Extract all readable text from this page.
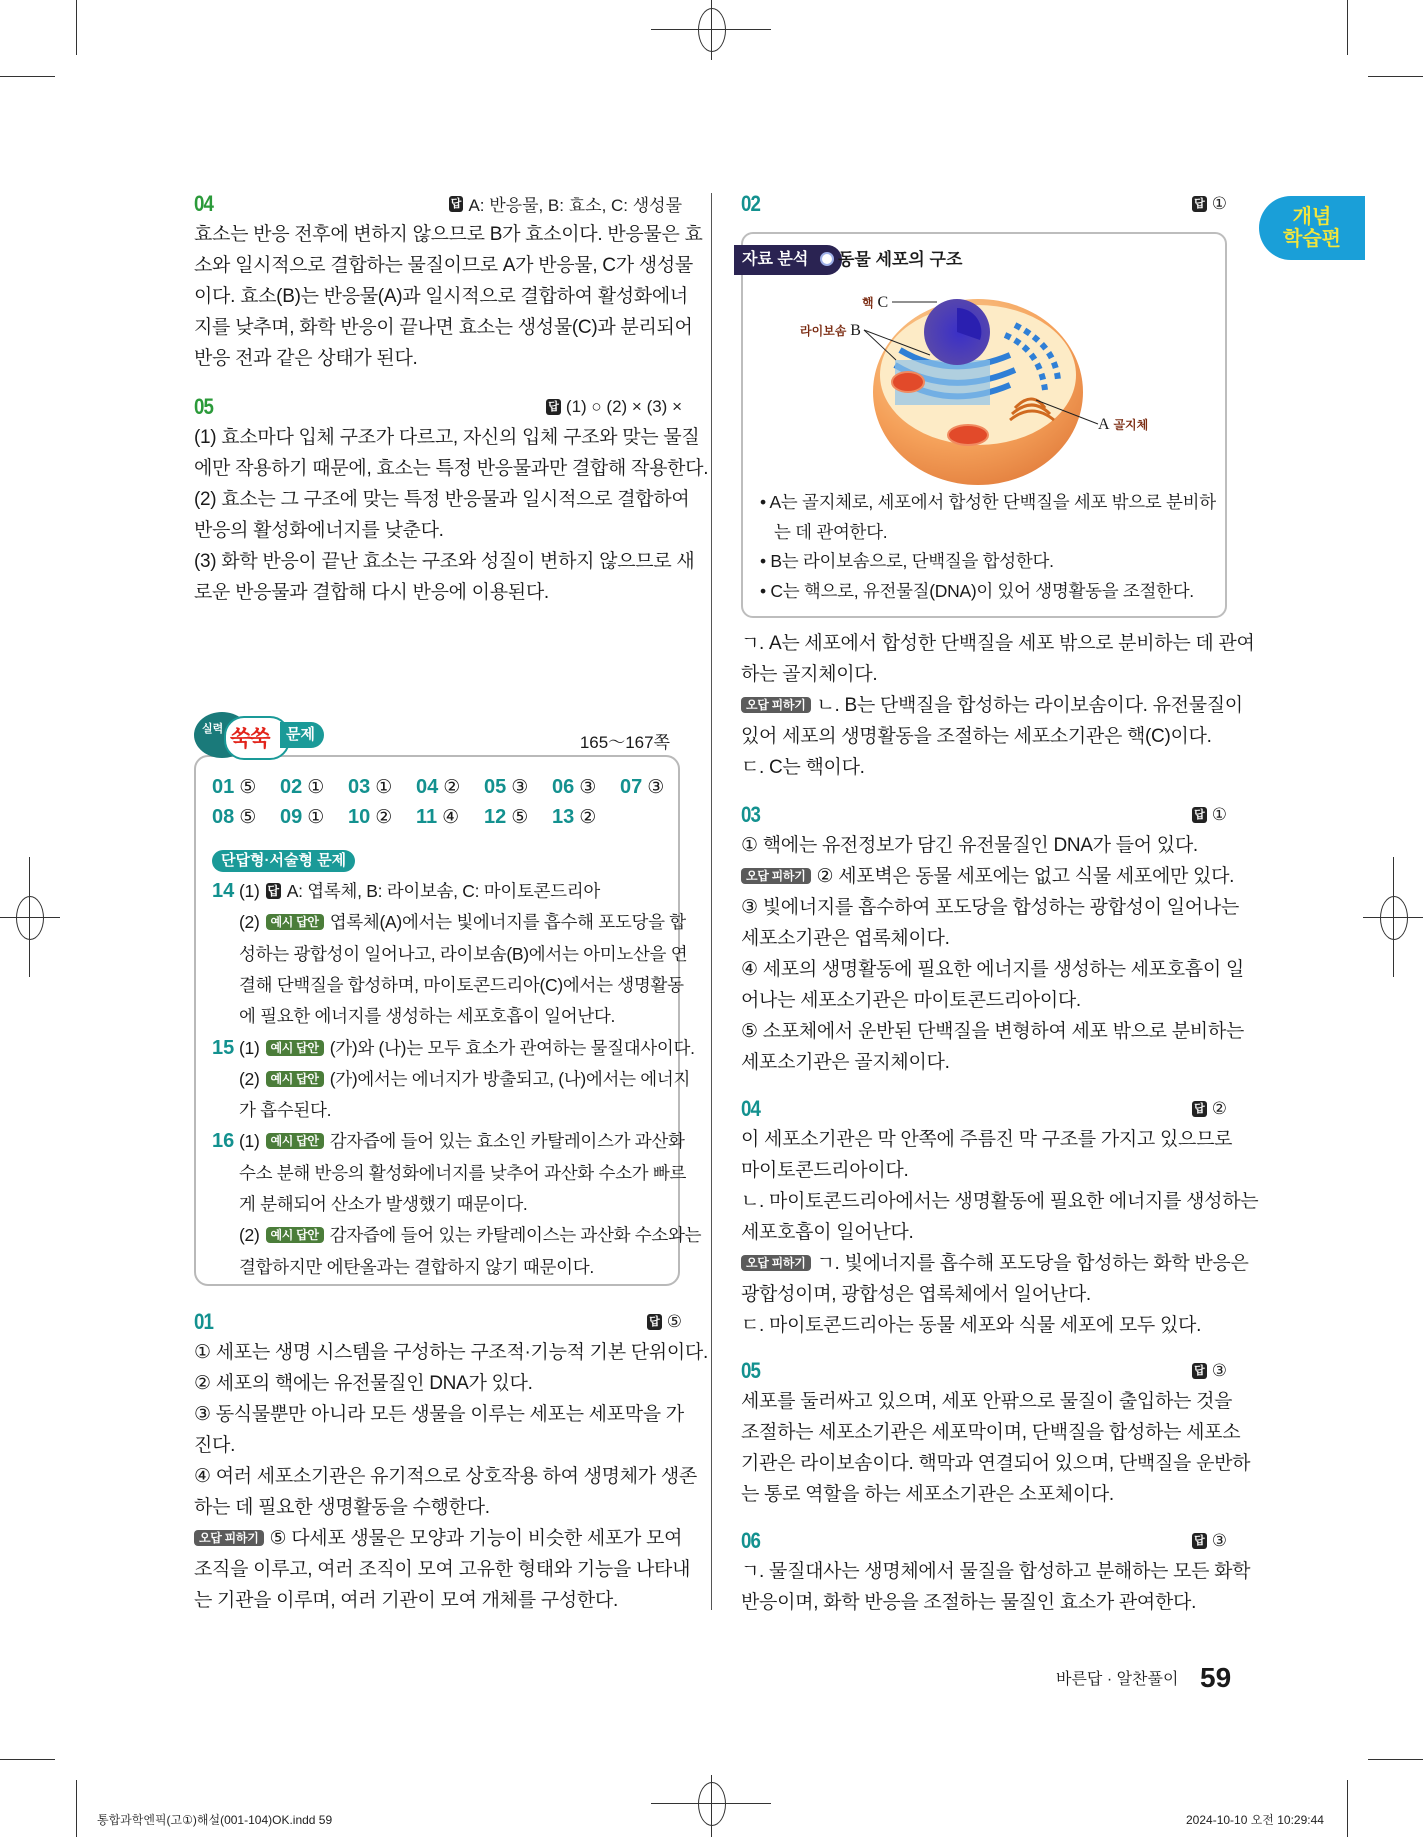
개념
학습편
04	답 A: 반응물, B: 효소, C: 생성물
효소는 반응 전후에 변하지 않으므로 B가 효소이다. 반응물은 효
소와 일시적으로 결합하는 물질이므로 A가 반응물, C가 생성물
이다. 효소(B)는 반응물(A)과 일시적으로 결합하여 활성화에너
지를 낮추며, 화학 반응이 끝나면 효소는 생성물(C)과 분리되어
반응 전과 같은 상태가 된다.
05	답 (1) ○ (2) × (3) ×
(1) 효소마다 입체 구조가 다르고, 자신의 입체 구조와 맞는 물질
에만 작용하기 때문에, 효소는 특정 반응물과만 결합해 작용한다.
(2) 효소는 그 구조에 맞는 특정 반응물과 일시적으로 결합하여
반응의 활성화에너지를 낮춘다.
(3) 화학 반응이 끝난 효소는 구조와 성질이 변하지 않으므로 새
로운 반응물과 결합해 다시 반응에 이용된다.
문제
실력 쑥쑥	165～167쪽
01 ⑤	02 ①	03 ①	04 ②	05 ③	06 ③	07 ③
08 ⑤	09 ①	10 ②	11 ④	12 ⑤	13 ②
단답형·서술형 문제
14 (1) 답 A: 엽록체, B: 라이보솜, C: 마이토콘드리아
(2) 예시 답안 엽록체(A)에서는 빛에너지를 흡수해 포도당을 합
성하는 광합성이 일어나고, 라이보솜(B)에서는 아미노산을 연
결해 단백질을 합성하며, 마이토콘드리아(C)에서는 생명활동
에 필요한 에너지를 생성하는 세포호흡이 일어난다.
15 (1) 예시 답안 (가)와 (나)는 모두 효소가 관여하는 물질대사이다.
(2) 예시 답안 (가)에서는 에너지가 방출되고, (나)에서는 에너지
가 흡수된다.
16 (1) 예시 답안 감자즙에 들어 있는 효소인 카탈레이스가 과산화
수소 분해 반응의 활성화에너지를 낮추어 과산화 수소가 빠르
게 분해되어 산소가 발생했기 때문이다.
(2) 예시 답안 감자즙에 들어 있는 카탈레이스는 과산화 수소와는
결합하지만 에탄올과는 결합하지 않기 때문이다.
01	답 ⑤
① 세포는 생명 시스템을 구성하는 구조적·기능적 기본 단위이다.
② 세포의 핵에는 유전물질인 DNA가 있다.
③ 동식물뿐만 아니라 모든 생물을 이루는 세포는 세포막을 가
진다.
④ 여러 세포소기관은 유기적으로 상호작용 하여 생명체가 생존
하는 데 필요한 생명활동을 수행한다.
오답 피하기 ⑤ 다세포 생물은 모양과 기능이 비슷한 세포가 모여
조직을 이루고, 여러 조직이 모여 고유한 형태와 기능을 나타내
는 기관을 이루며, 여러 기관이 모여 개체를 구성한다.
02	답 ①
자료 분석	동물 세포의 구조
핵 C
라이보솜 B
A 골지체
• A는 골지체로, 세포에서 합성한 단백질을 세포 밖으로 분비하
는 데 관여한다.
• B는 라이보솜으로, 단백질을 합성한다.
• C는 핵으로, 유전물질(DNA)이 있어 생명활동을 조절한다.
ㄱ. A는 세포에서 합성한 단백질을 세포 밖으로 분비하는 데 관여
하는 골지체이다.
오답 피하기 ㄴ. B는 단백질을 합성하는 라이보솜이다. 유전물질이
있어 세포의 생명활동을 조절하는 세포소기관은 핵(C)이다.
ㄷ. C는 핵이다.
03	답 ①
① 핵에는 유전정보가 담긴 유전물질인 DNA가 들어 있다.
오답 피하기 ② 세포벽은 동물 세포에는 없고 식물 세포에만 있다.
③ 빛에너지를 흡수하여 포도당을 합성하는 광합성이 일어나는
세포소기관은 엽록체이다.
④ 세포의 생명활동에 필요한 에너지를 생성하는 세포호흡이 일
어나는 세포소기관은 마이토콘드리아이다.
⑤ 소포체에서 운반된 단백질을 변형하여 세포 밖으로 분비하는
세포소기관은 골지체이다.
04	답 ②
이 세포소기관은 막 안쪽에 주름진 막 구조를 가지고 있으므로
마이토콘드리아이다.
ㄴ. 마이토콘드리아에서는 생명활동에 필요한 에너지를 생성하는
세포호흡이 일어난다.
오답 피하기 ㄱ. 빛에너지를 흡수해 포도당을 합성하는 화학 반응은
광합성이며, 광합성은 엽록체에서 일어난다.
ㄷ. 마이토콘드리아는 동물 세포와 식물 세포에 모두 있다.
05	답 ③
세포를 둘러싸고 있으며, 세포 안팎으로 물질이 출입하는 것을
조절하는 세포소기관은 세포막이며, 단백질을 합성하는 세포소
기관은 라이보솜이다. 핵막과 연결되어 있으며, 단백질을 운반하
는 통로 역할을 하는 세포소기관은 소포체이다.
06	답 ③
ㄱ. 물질대사는 생명체에서 물질을 합성하고 분해하는 모든 화학
반응이며, 화학 반응을 조절하는 물질인 효소가 관여한다.
바른답 · 알찬풀이 59
통합과학엔픽(고①)해설(001-104)OK.indd 59	2024-10-10 오전 10:29:44
